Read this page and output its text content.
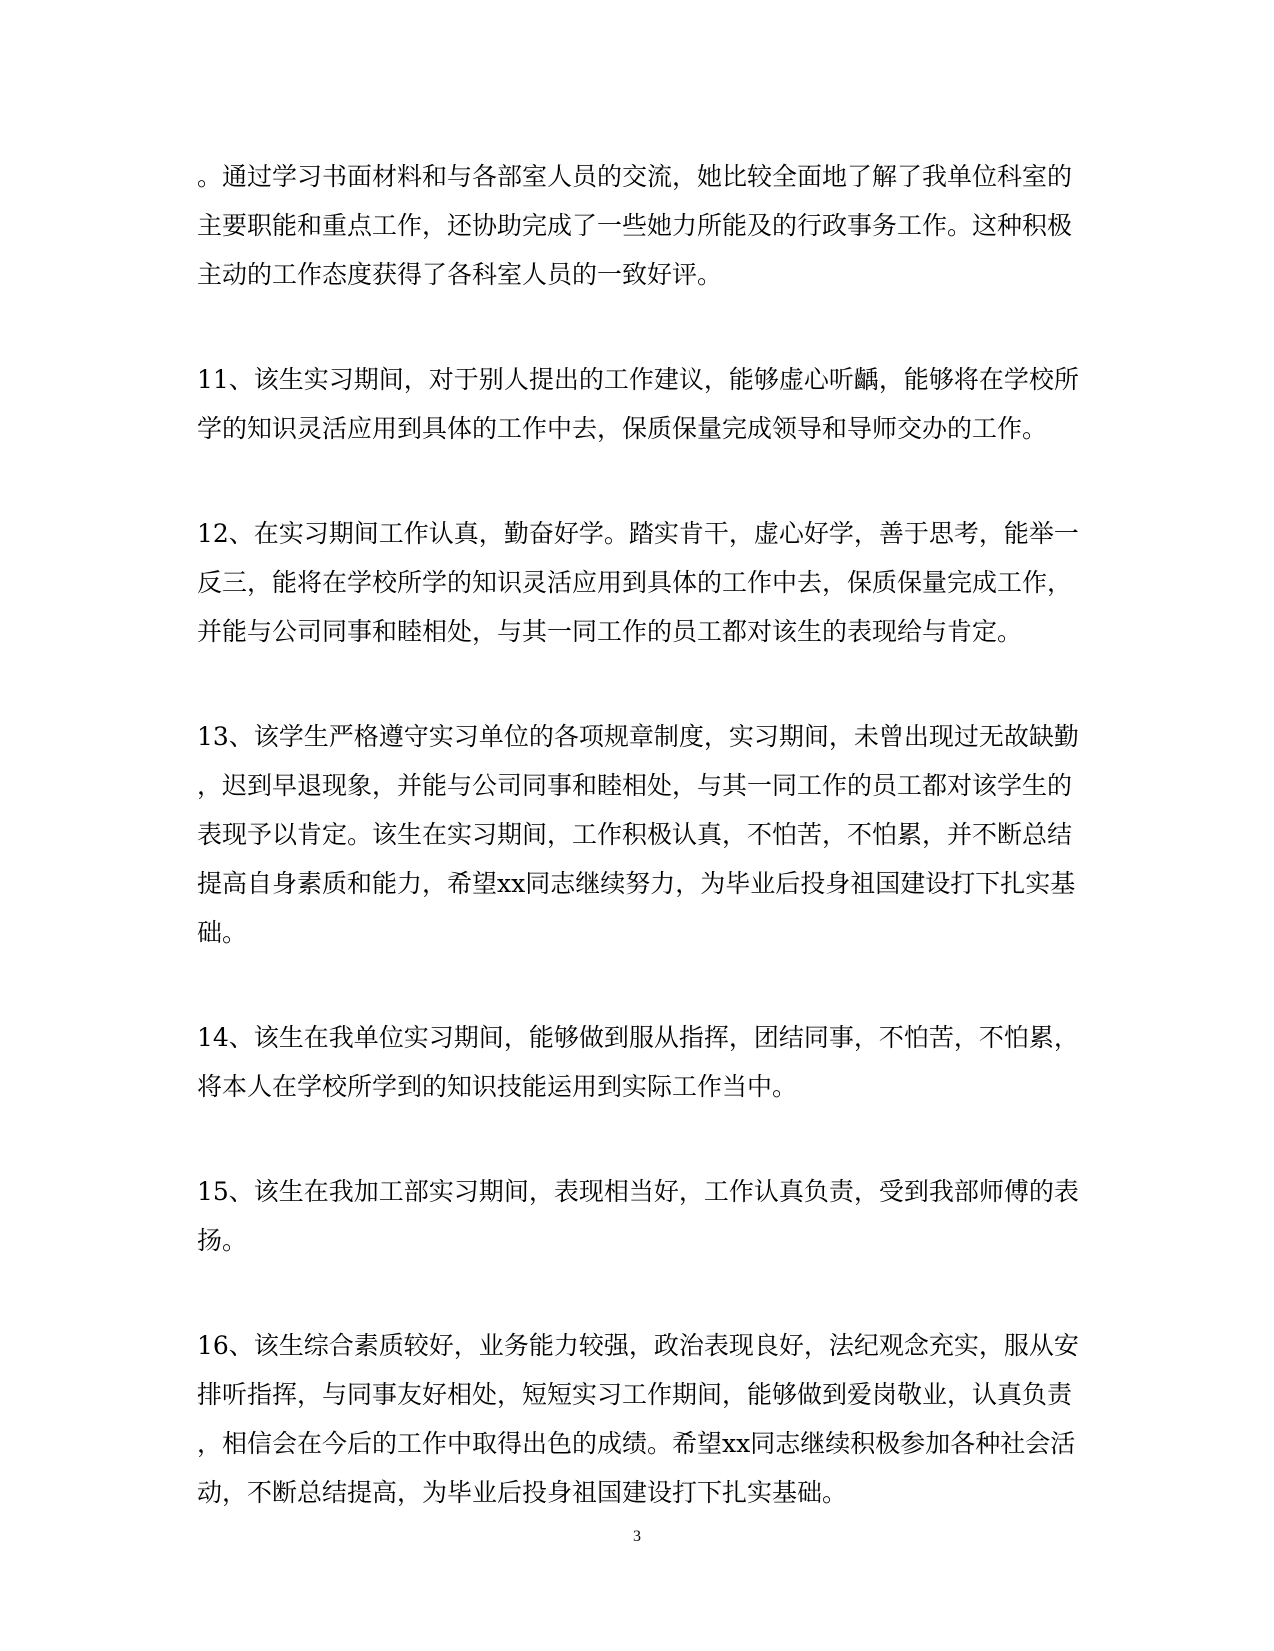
。通过学习书面材料和与各部室人员的交流，她比较全面地了解了我单位科室的
主要职能和重点工作，还协助完成了一些她力所能及的行政事务工作。这种积极
主动的工作态度获得了各科室人员的一致好评。

11、该生实习期间，对于别人提出的工作建议，能够虚心听齲，能够将在学校所
学的知识灵活应用到具体的工作中去，保质保量完成领导和导师交办的工作。

12、在实习期间工作认真，勤奋好学。踏实肯干，虚心好学，善于思考，能举一
反三，能将在学校所学的知识灵活应用到具体的工作中去，保质保量完成工作，
并能与公司同事和睦相处，与其一同工作的员工都对该生的表现给与肯定。

13、该学生严格遵守实习单位的各项规章制度，实习期间，未曾出现过无故缺勤
，迟到早退现象，并能与公司同事和睦相处，与其一同工作的员工都对该学生的
表现予以肯定。该生在实习期间，工作积极认真，不怕苦，不怕累，并不断总结
提高自身素质和能力，希望xx同志继续努力，为毕业后投身祖国建设打下扎实基
础。

14、该生在我单位实习期间，能够做到服从指挥，团结同事，不怕苦，不怕累，
将本人在学校所学到的知识技能运用到实际工作当中。

15、该生在我加工部实习期间，表现相当好，工作认真负责，受到我部师傅的表
扬。

16、该生综合素质较好，业务能力较强，政治表现良好，法纪观念充实，服从安
排听指挥，与同事友好相处，短短实习工作期间，能够做到爱岗敬业，认真负责
，相信会在今后的工作中取得出色的成绩。希望xx同志继续积极参加各种社会活
动，不断总结提高，为毕业后投身祖国建设打下扎实基础。

3
